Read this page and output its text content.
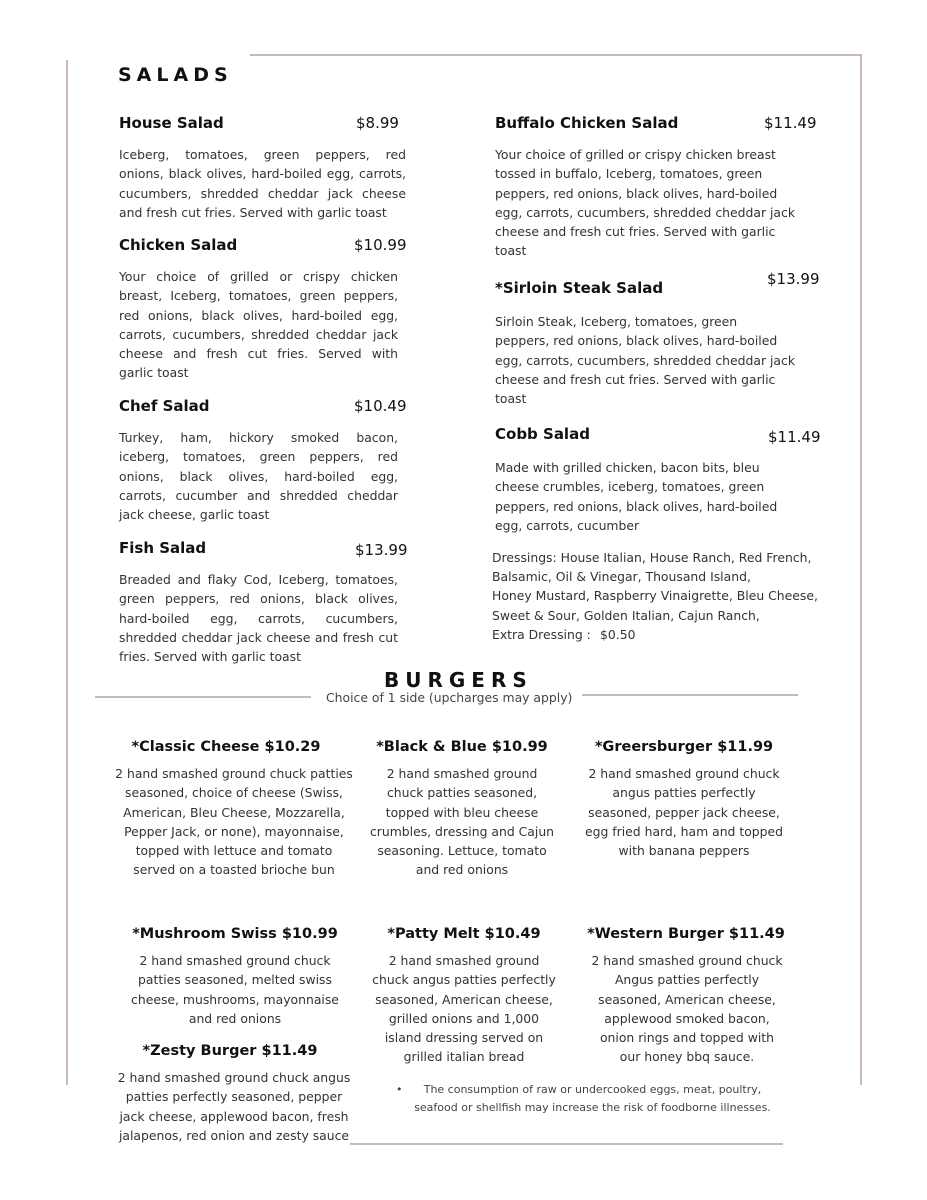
SALADS
House Salad	$8.99
Iceberg, tomatoes, green peppers, red onions, black olives, hard-boiled egg, carrots, cucumbers, shredded cheddar jack cheese and fresh cut fries. Served with garlic toast
Chicken Salad	$10.99
Your choice of grilled or crispy chicken breast, Iceberg, tomatoes, green peppers, red onions, black olives, hard-boiled egg, carrots, cucumbers, shredded cheddar jack cheese and fresh cut fries. Served with garlic toast
Chef Salad	$10.49
Turkey, ham, hickory smoked bacon, iceberg, tomatoes, green peppers, red onions, black olives, hard-boiled egg, carrots, cucumber and shredded cheddar jack cheese, garlic toast
Fish Salad	$13.99
Breaded and flaky Cod, Iceberg, tomatoes, green peppers, red onions, black olives, hard-boiled egg, carrots, cucumbers, shredded cheddar jack cheese and fresh cut fries. Served with garlic toast
Buffalo Chicken Salad	$11.49
Your choice of grilled or crispy chicken breast tossed in buffalo, Iceberg, tomatoes, green peppers, red onions, black olives, hard-boiled egg, carrots, cucumbers, shredded cheddar jack cheese and fresh cut fries. Served with garlic toast
*Sirloin Steak Salad	$13.99
Sirloin Steak, Iceberg, tomatoes, green peppers, red onions, black olives, hard-boiled egg, carrots, cucumbers, shredded cheddar jack cheese and fresh cut fries. Served with garlic toast
Cobb Salad	$11.49
Made with grilled chicken, bacon bits, bleu cheese crumbles, iceberg, tomatoes, green peppers, red onions, black olives, hard-boiled egg, carrots, cucumber
Dressings: House Italian, House Ranch, Red French,
Balsamic, Oil & Vinegar, Thousand Island,
Honey Mustard, Raspberry Vinaigrette, Bleu Cheese,
Sweet & Sour, Golden Italian, Cajun Ranch,
Extra Dressing : $0.50
BURGERS
Choice of 1 side (upcharges may apply)
*Classic Cheese $10.29
2 hand smashed ground chuck patties seasoned, choice of cheese (Swiss, American, Bleu Cheese, Mozzarella, Pepper Jack, or none), mayonnaise, topped with lettuce and tomato served on a toasted brioche bun
*Black & Blue $10.99
2 hand smashed ground chuck patties seasoned, topped with bleu cheese crumbles, dressing and Cajun seasoning. Lettuce, tomato and red onions
*Greersburger $11.99
2 hand smashed ground chuck angus patties perfectly seasoned, pepper jack cheese, egg fried hard, ham and topped with banana peppers
*Mushroom Swiss $10.99
2 hand smashed ground chuck patties seasoned, melted swiss cheese, mushrooms, mayonnaise and red onions
*Patty Melt $10.49
2 hand smashed ground chuck angus patties perfectly seasoned, American cheese, grilled onions and 1,000 island dressing served on grilled italian bread
*Western Burger $11.49
2 hand smashed ground chuck Angus patties perfectly seasoned, American cheese, applewood smoked bacon, onion rings and topped with our honey bbq sauce.
*Zesty Burger $11.49
2 hand smashed ground chuck angus patties perfectly seasoned, pepper jack cheese, applewood bacon, fresh jalapenos, red onion and zesty sauce
•	The consumption of raw or undercooked eggs, meat, poultry, seafood or shellfish may increase the risk of foodborne illnesses.
